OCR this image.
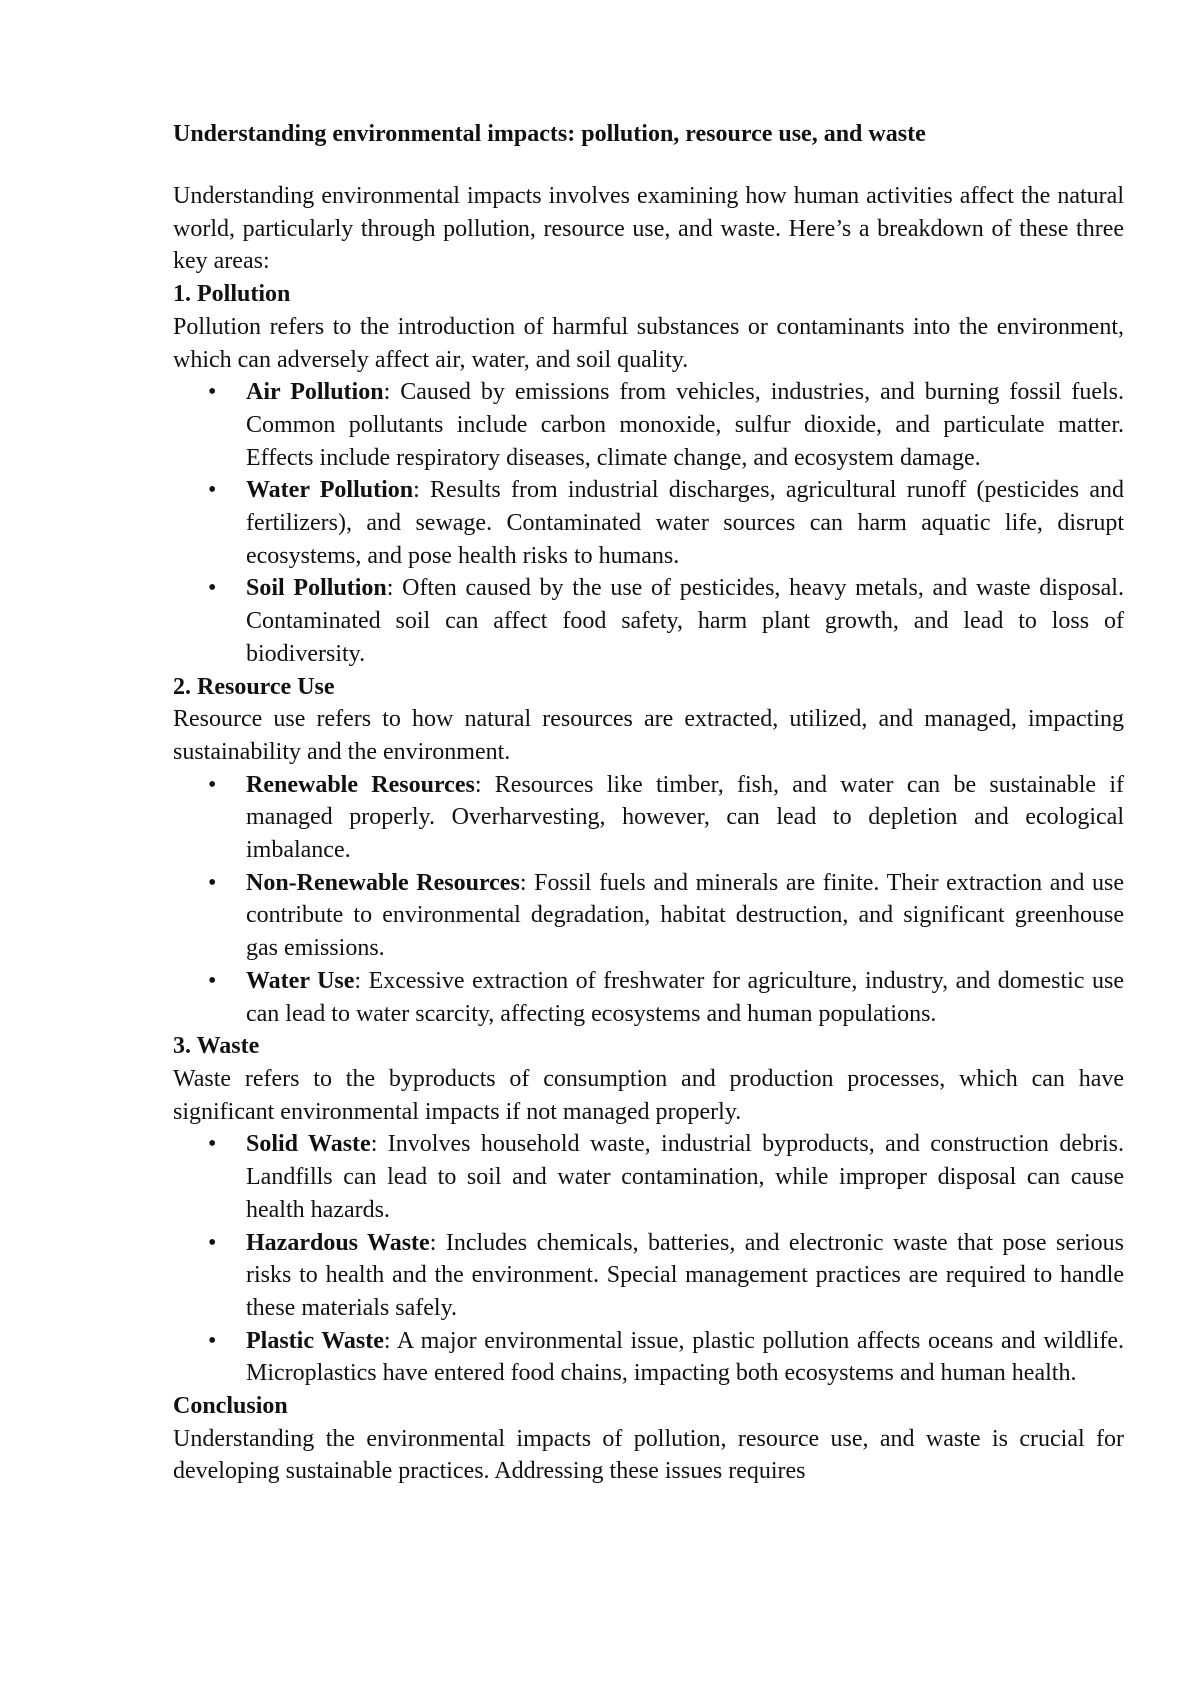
Understanding environmental impacts: pollution, resource use, and waste

Understanding environmental impacts involves examining how human activities affect the natural world, particularly through pollution, resource use, and waste. Here’s a breakdown of these three key areas:

1. Pollution

Pollution refers to the introduction of harmful substances or contaminants into the environment, which can adversely affect air, water, and soil quality.

• Air Pollution: Caused by emissions from vehicles, industries, and burning fossil fuels. Common pollutants include carbon monoxide, sulfur dioxide, and particulate matter. Effects include respiratory diseases, climate change, and ecosystem damage.
• Water Pollution: Results from industrial discharges, agricultural runoff (pesticides and fertilizers), and sewage. Contaminated water sources can harm aquatic life, disrupt ecosystems, and pose health risks to humans.
• Soil Pollution: Often caused by the use of pesticides, heavy metals, and waste disposal. Contaminated soil can affect food safety, harm plant growth, and lead to loss of biodiversity.
2. Resource Use

Resource use refers to how natural resources are extracted, utilized, and managed, impacting sustainability and the environment.

• Renewable Resources: Resources like timber, fish, and water can be sustainable if managed properly. Overharvesting, however, can lead to depletion and ecological imbalance.
• Non-Renewable Resources: Fossil fuels and minerals are finite. Their extraction and use contribute to environmental degradation, habitat destruction, and significant greenhouse gas emissions.
• Water Use: Excessive extraction of freshwater for agriculture, industry, and domestic use can lead to water scarcity, affecting ecosystems and human populations.
3. Waste

Waste refers to the byproducts of consumption and production processes, which can have significant environmental impacts if not managed properly.

• Solid Waste: Involves household waste, industrial byproducts, and construction debris. Landfills can lead to soil and water contamination, while improper disposal can cause health hazards.
• Hazardous Waste: Includes chemicals, batteries, and electronic waste that pose serious risks to health and the environment. Special management practices are required to handle these materials safely.
• Plastic Waste: A major environmental issue, plastic pollution affects oceans and wildlife. Microplastics have entered food chains, impacting both ecosystems and human health.
Conclusion

Understanding the environmental impacts of pollution, resource use, and waste is crucial for developing sustainable practices. Addressing these issues requires
